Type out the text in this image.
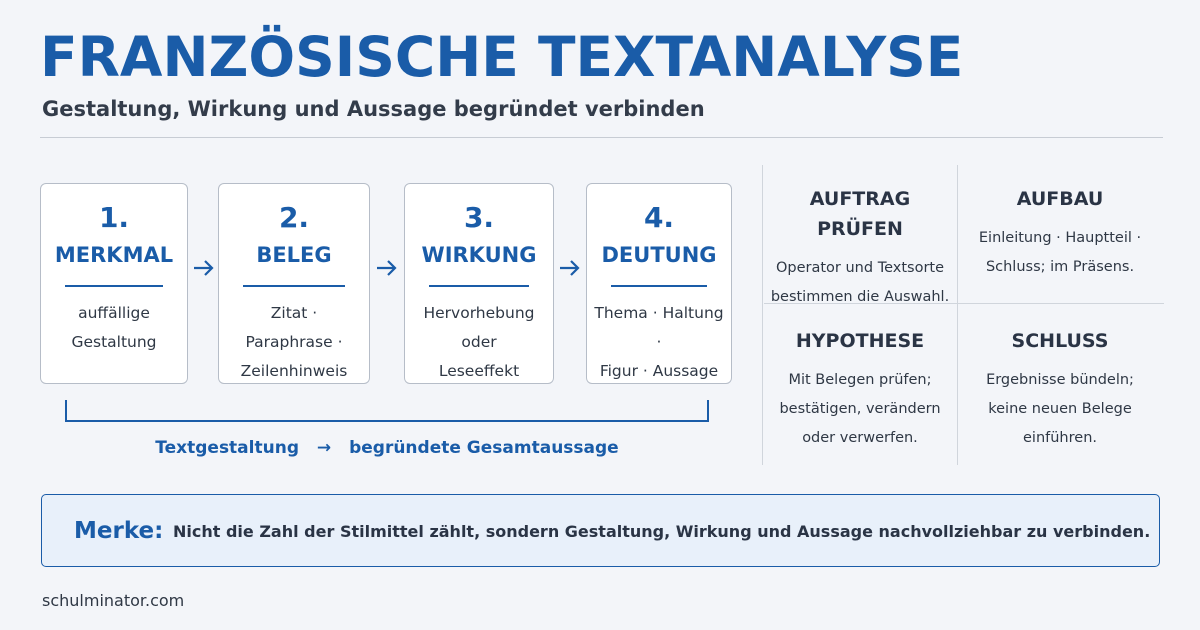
FRANZÖSISCHE TEXTANALYSE
Gestaltung, Wirkung und Aussage begründet verbinden
1.
MERKMAL
auffällige
Gestaltung
2.
BELEG
Zitat · Paraphrase ·
Zeilenhinweis
3.
WIRKUNG
Hervorhebung oder
Leseeffekt
4.
DEUTUNG
Thema · Haltung ·
Figur · Aussage
Textgestaltung → begründete Gesamtaussage
AUFTRAG PRÜFEN
Operator und Textsorte
bestimmen die Auswahl.
AUFBAU
Einleitung · Hauptteil ·
Schluss; im Präsens.
HYPOTHESE
Mit Belegen prüfen;
bestätigen, verändern
oder verwerfen.
SCHLUSS
Ergebnisse bündeln;
keine neuen Belege
einführen.
Merke: Nicht die Zahl der Stilmittel zählt, sondern Gestaltung, Wirkung und Aussage nachvollziehbar zu verbinden.
schulminator.com
